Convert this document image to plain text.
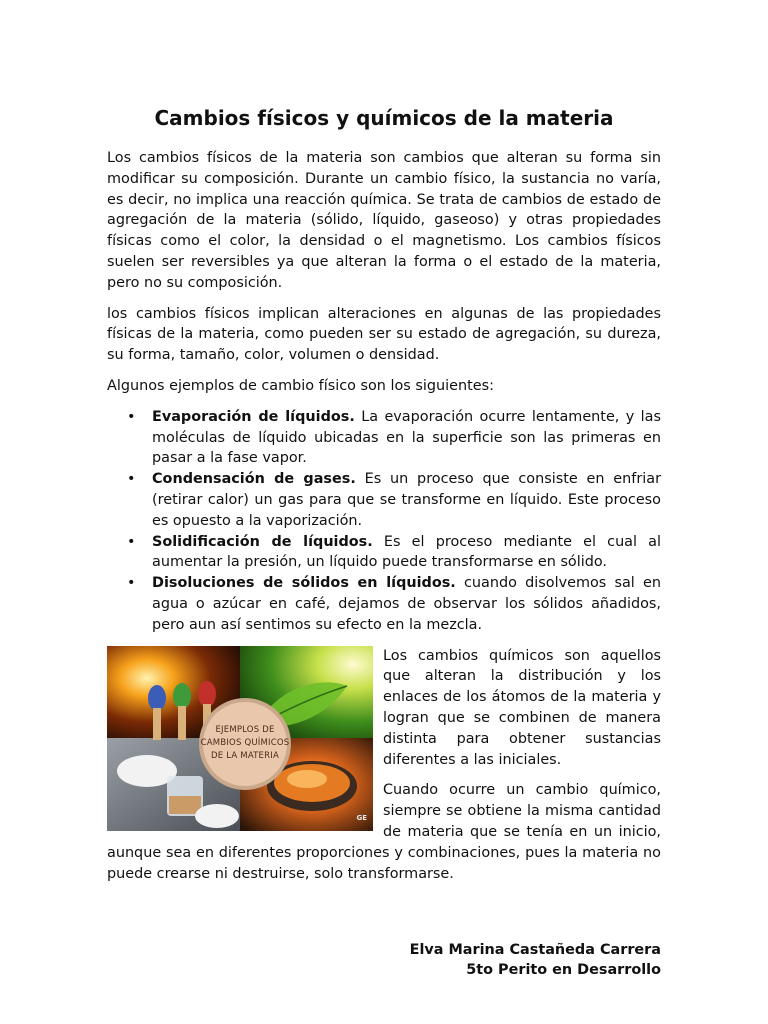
Cambios físicos y químicos de la materia

Los cambios físicos de la materia son cambios que alteran su forma sin modificar su composición. Durante un cambio físico, la sustancia no varía, es decir, no implica una reacción química. Se trata de cambios de estado de agregación de la materia (sólido, líquido, gaseoso) y otras propiedades físicas como el color, la densidad o el magnetismo. Los cambios físicos suelen ser reversibles ya que alteran la forma o el estado de la materia, pero no su composición.

los cambios físicos implican alteraciones en algunas de las propiedades físicas de la materia, como pueden ser su estado de agregación, su dureza, su forma, tamaño, color, volumen o densidad.

Algunos ejemplos de cambio físico son los siguientes:

• Evaporación de líquidos. La evaporación ocurre lentamente, y las moléculas de líquido ubicadas en la superficie son las primeras en pasar a la fase vapor.
• Condensación de gases. Es un proceso que consiste en enfriar (retirar calor) un gas para que se transforme en líquido. Este proceso es opuesto a la vaporización.
• Solidificación de líquidos. Es el proceso mediante el cual al aumentar la presión, un líquido puede transformarse en sólido.
• Disoluciones de sólidos en líquidos. cuando disolvemos sal en agua o azúcar en café, dejamos de observar los sólidos añadidos, pero aun así sentimos su efecto en la mezcla.
EJEMPLOS DE CAMBIOS QUÍMICOS DE LA MATERIA
GE

Los cambios químicos son aquellos que alteran la distribución y los enlaces de los átomos de la materia y logran que se combinen de manera distinta para obtener sustancias diferentes a las iniciales.

Cuando ocurre un cambio químico, siempre se obtiene la misma cantidad de materia que se tenía en un inicio, aunque sea en diferentes proporciones y combinaciones, pues la materia no puede crearse ni destruirse, solo transformarse.

Elva Marina Castañeda Carrera
5to Perito en Desarrollo
